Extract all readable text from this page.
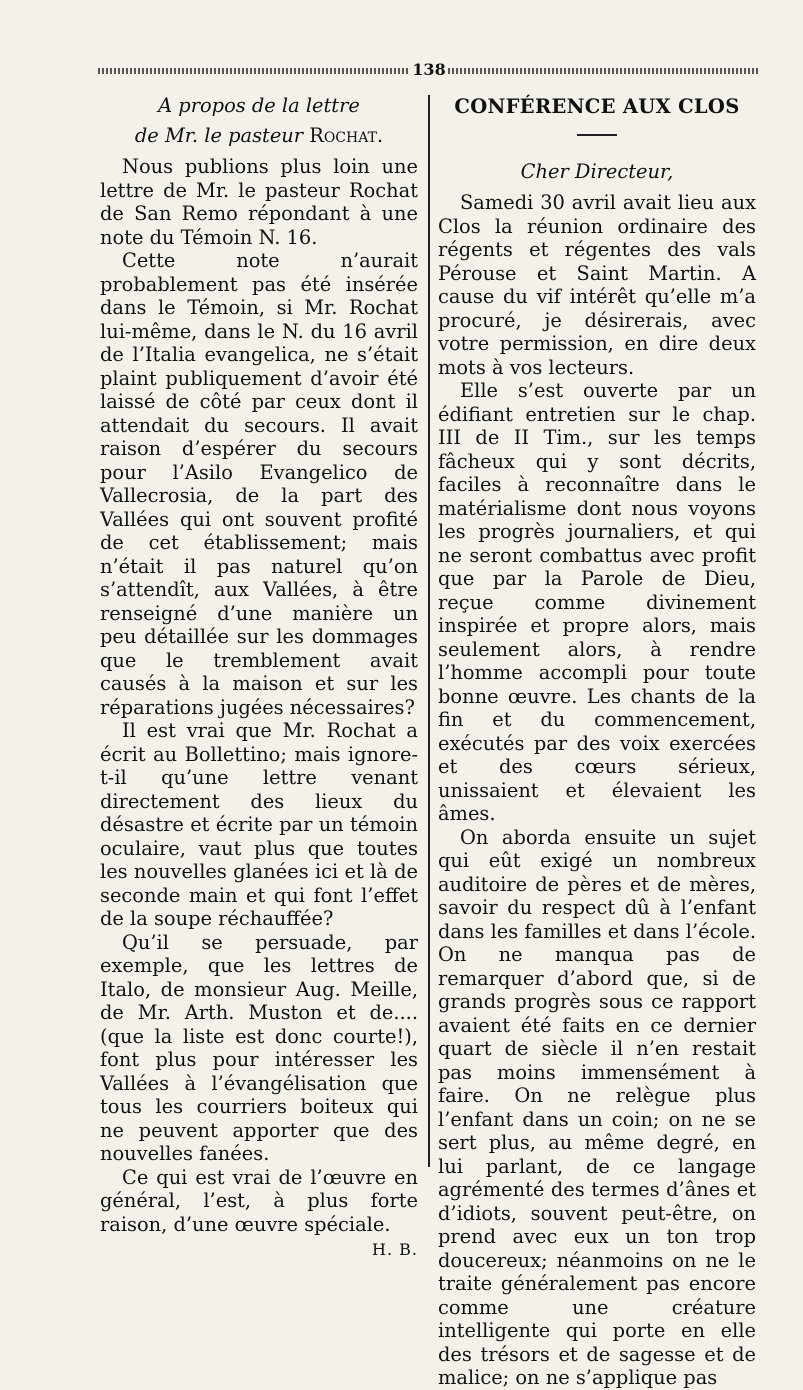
138

A propos de la lettre

de Mr. le pasteur Rochat.

Nous publions plus loin une lettre de Mr. le pasteur Rochat de San Remo répondant à une note du Témoin N. 16.

Cette note n’aurait probablement pas été insérée dans le Témoin, si Mr. Rochat lui-même, dans le N. du 16 avril de l’Italia evangelica, ne s’était plaint publiquement d’avoir été laissé de côté par ceux dont il attendait du secours. Il avait raison d’espérer du secours pour l’Asilo Evangelico de Vallecrosia, de la part des Vallées qui ont souvent profité de cet établissement; mais n’était il pas naturel qu’on s’attendît, aux Vallées, à être renseigné d’une manière un peu détaillée sur les dommages que le tremblement avait causés à la maison et sur les réparations jugées nécessaires?

Il est vrai que Mr. Rochat a écrit au Bollettino; mais ignore-t-il qu’une lettre venant directement des lieux du désastre et écrite par un témoin oculaire, vaut plus que toutes les nouvelles glanées ici et là de seconde main et qui font l’effet de la soupe réchauffée?

Qu’il se persuade, par exemple, que les lettres de Italo, de monsieur Aug. Meille, de Mr. Arth. Muston et de.... (que la liste est donc courte!), font plus pour intéresser les Vallées à l’évangélisation que tous les courriers boiteux qui ne peuvent apporter que des nouvelles fanées.

Ce qui est vrai de l’œuvre en général, l’est, à plus forte raison, d’une œuvre spéciale.
H. B.

CONFÉRENCE AUX CLOS

Cher Directeur,

Samedi 30 avril avait lieu aux Clos la réunion ordinaire des régents et régentes des vals Pérouse et Saint Martin. A cause du vif intérêt qu’elle m’a procuré, je désirerais, avec votre permission, en dire deux mots à vos lecteurs.

Elle s’est ouverte par un édifiant entretien sur le chap. III de II Tim., sur les temps fâcheux qui y sont décrits, faciles à reconnaître dans le matérialisme dont nous voyons les progrès journaliers, et qui ne seront combattus avec profit que par la Parole de Dieu, reçue comme divinement inspirée et propre alors, mais seulement alors, à rendre l’homme accompli pour toute bonne œuvre. Les chants de la fin et du commencement, exécutés par des voix exercées et des cœurs sérieux, unissaient et élevaient les âmes.

On aborda ensuite un sujet qui eût exigé un nombreux auditoire de pères et de mères, savoir du respect dû à l’enfant dans les familles et dans l’école. On ne manqua pas de remarquer d’abord que, si de grands progrès sous ce rapport avaient été faits en ce dernier quart de siècle il n’en restait pas moins immensément à faire. On ne relègue plus l’enfant dans un coin; on ne se sert plus, au même degré, en lui parlant, de ce langage agrémenté des termes d’ânes et d’idiots, souvent peut-être, on prend avec eux un ton trop doucereux; néanmoins on ne le traite généralement pas encore comme une créature intelligente qui porte en elle des trésors et de sagesse et de malice; on ne s’applique pas
